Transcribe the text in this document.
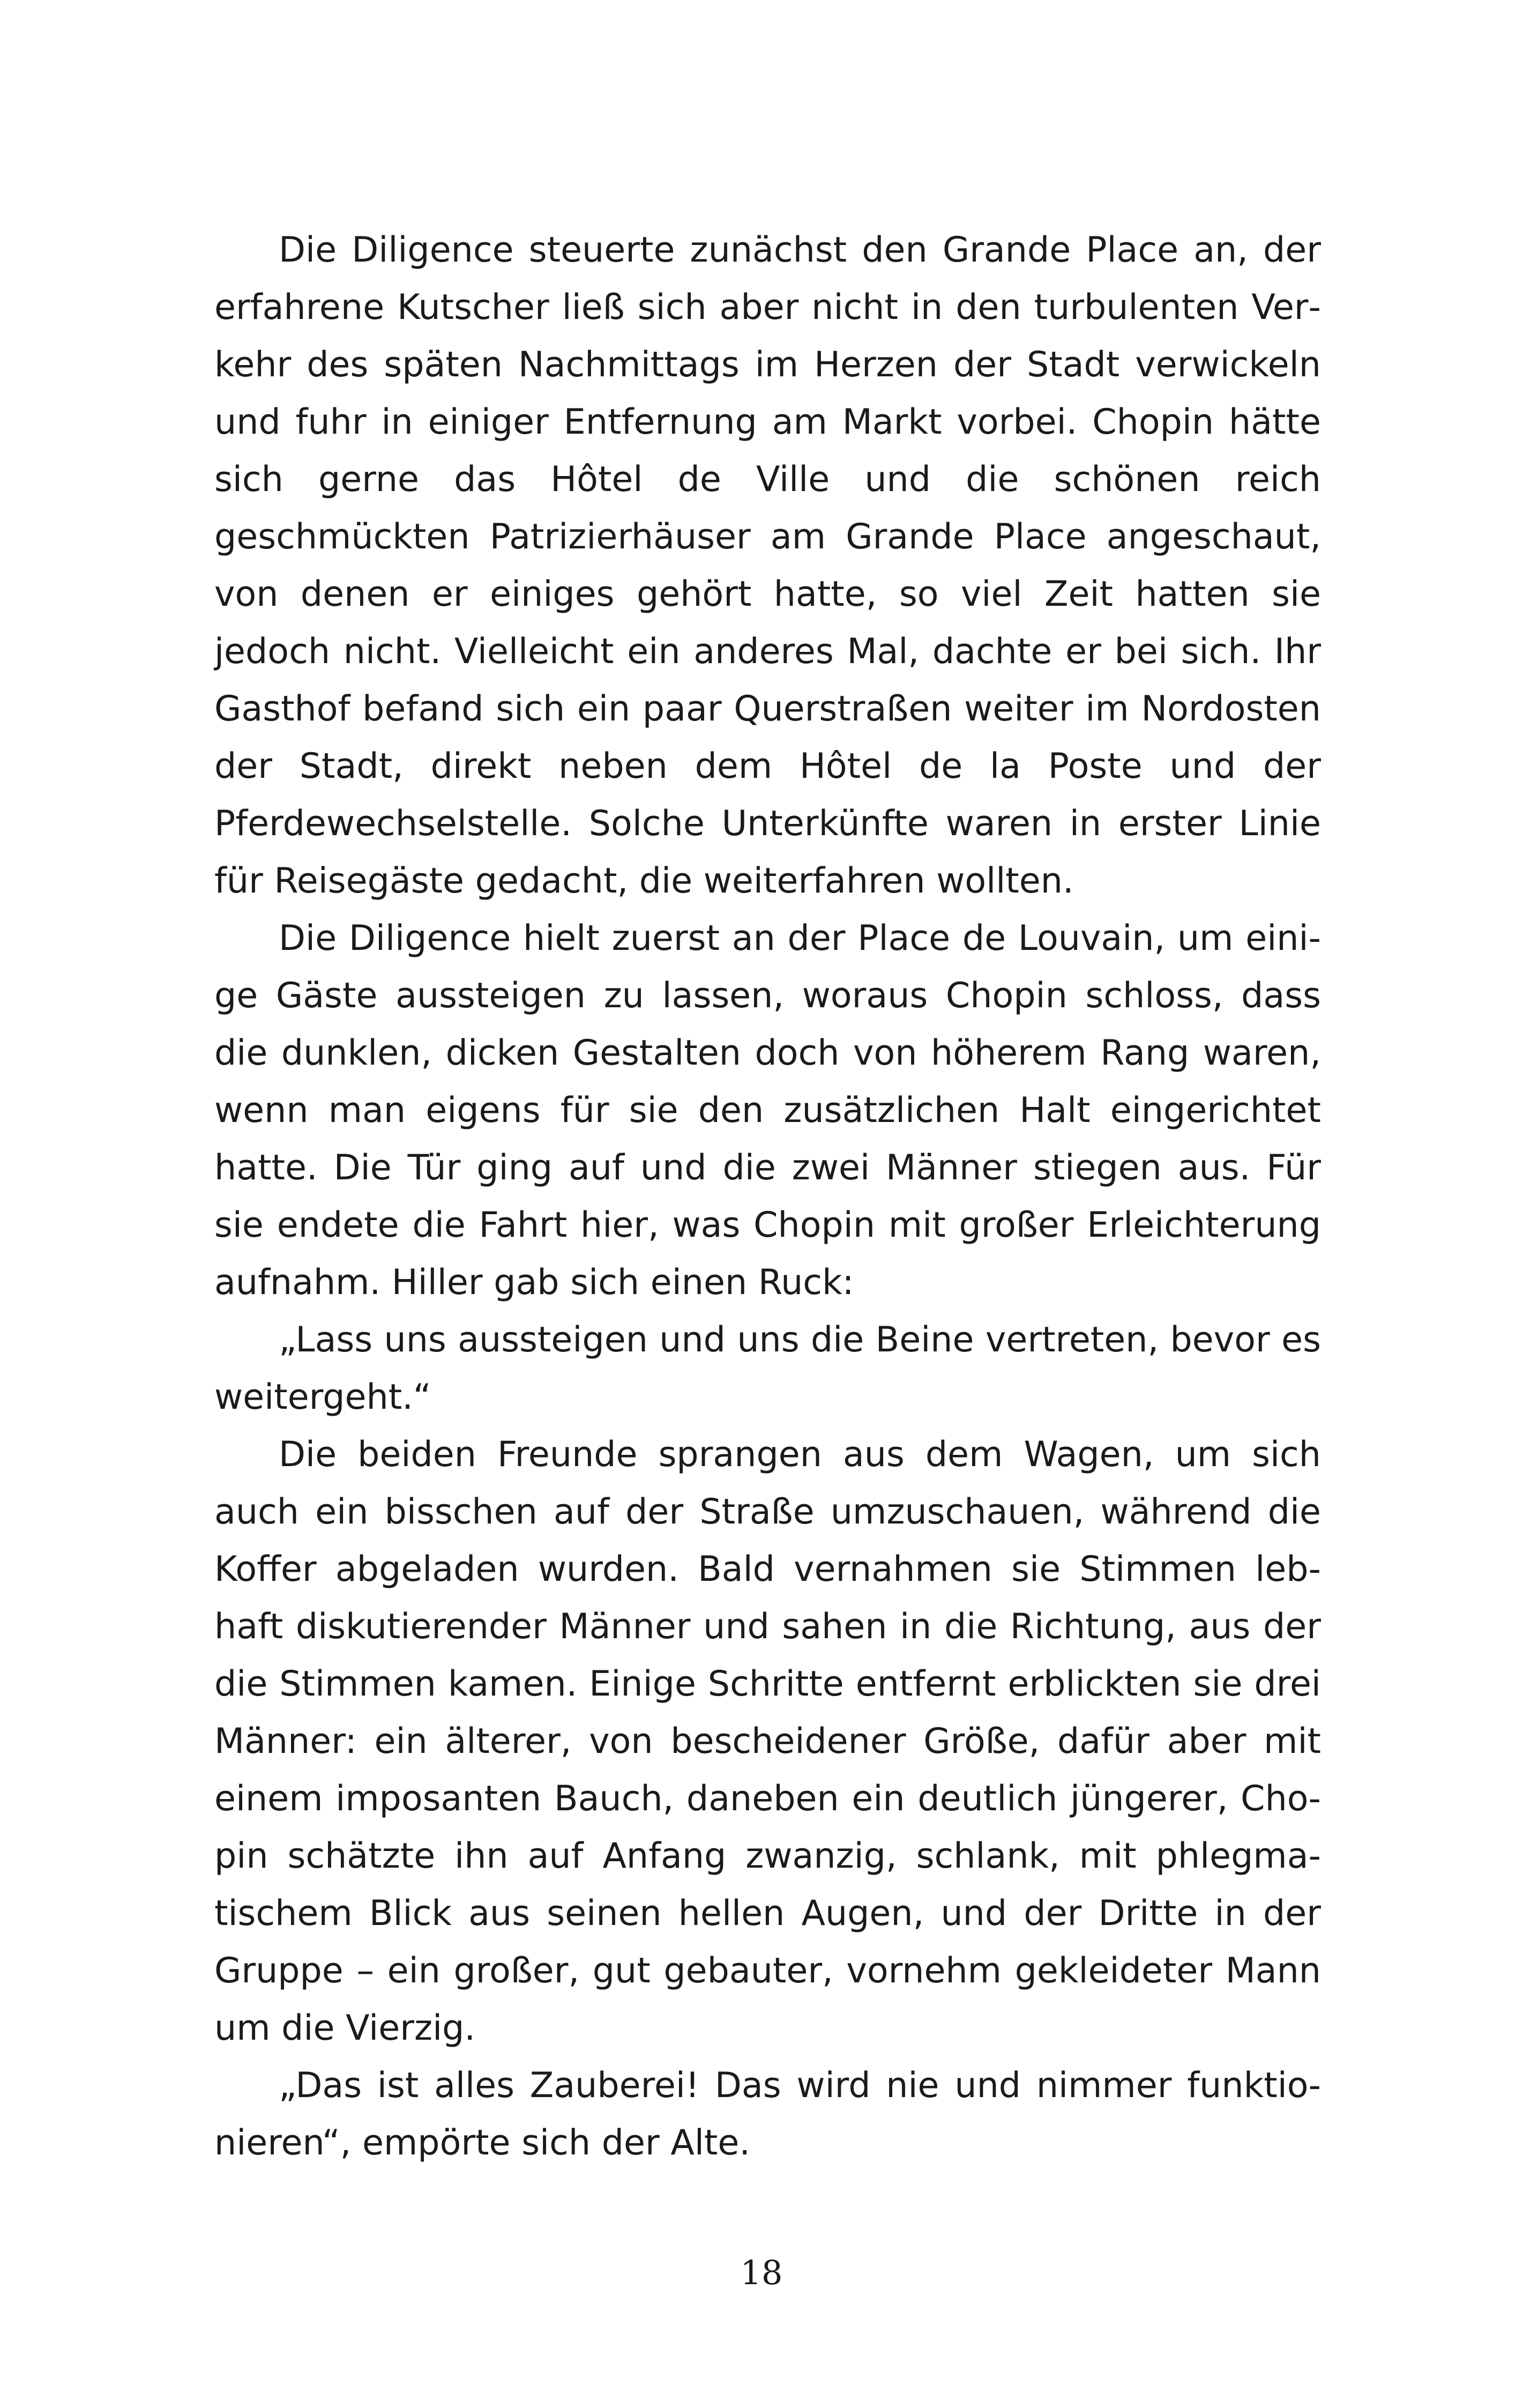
Die Diligence steuerte zunächst den Grande Place an, der erfahrene Kutscher ließ sich aber nicht in den turbulenten Verkehr des späten Nachmittags im Herzen der Stadt verwickeln und fuhr in einiger Entfernung am Markt vorbei. Chopin hätte sich gerne das Hôtel de Ville und die schönen reich geschmückten Patrizierhäuser am Grande Place angeschaut, von denen er einiges gehört hatte, so viel Zeit hatten sie jedoch nicht. Vielleicht ein anderes Mal, dachte er bei sich. Ihr Gasthof befand sich ein paar Querstraßen weiter im Nordosten der Stadt, direkt neben dem Hôtel de la Poste und der Pferdewechselstelle. Solche Unterkünfte waren in erster Linie für Reisegäste gedacht, die weiterfahren wollten.

Die Diligence hielt zuerst an der Place de Louvain, um einige Gäste aussteigen zu lassen, woraus Chopin schloss, dass die dunklen, dicken Gestalten doch von höherem Rang waren, wenn man eigens für sie den zusätzlichen Halt eingerichtet hatte. Die Tür ging auf und die zwei Männer stiegen aus. Für sie endete die Fahrt hier, was Chopin mit großer Erleichterung aufnahm. Hiller gab sich einen Ruck:

„Lass uns aussteigen und uns die Beine vertreten, bevor es weitergeht.“

Die beiden Freunde sprangen aus dem Wagen, um sich auch ein bisschen auf der Straße umzuschauen, während die Koffer abgeladen wurden. Bald vernahmen sie Stimmen lebhaft diskutierender Männer und sahen in die Richtung, aus der die Stimmen kamen. Einige Schritte entfernt erblickten sie drei Männer: ein älterer, von bescheidener Größe, dafür aber mit einem imposanten Bauch, daneben ein deutlich jüngerer, Chopin schätzte ihn auf Anfang zwanzig, schlank, mit phlegmatischem Blick aus seinen hellen Augen, und der Dritte in der Gruppe – ein großer, gut gebauter, vornehm gekleideter Mann um die Vierzig.

„Das ist alles Zauberei! Das wird nie und nimmer funktionieren“, empörte sich der Alte.

18
